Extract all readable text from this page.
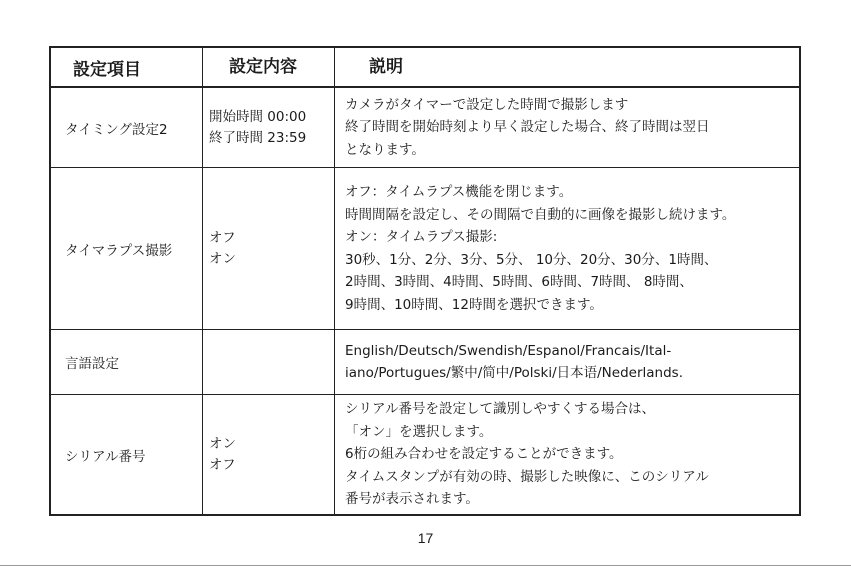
設定項目	設定内容	説明
タイミング設定2
開始時間 00:00
終了時間 23:59
カメラがタイマーで設定した時間で撮影します
終了時間を開始時刻より早く設定した場合、終了時間は翌日
となります。
タイマラプス撮影
オフ
オン
オフ：タイムラプス機能を閉じます。
時間間隔を設定し、その間隔で自動的に画像を撮影し続けます。
オン：タイムラプス撮影:
30秒、1分、2分、3分、5分、 10分、20分、30分、1時間、
2時間、3時間、4時間、5時間、6時間、7時間、 8時間、
9時間、10時間、12時間を選択できます。
言語設定
English/Deutsch/Swendish/Espanol/Francais/Ital-
iano/Portugues/繁中/简中/Polski/日本语/Nederlands.
シリアル番号
オン
オフ
シリアル番号を設定して識別しやすくする場合は、
「オン」を選択します。
6桁の組み合わせを設定することができます。
タイムスタンプが有効の時、撮影した映像に、このシリアル
番号が表示されます。
17
